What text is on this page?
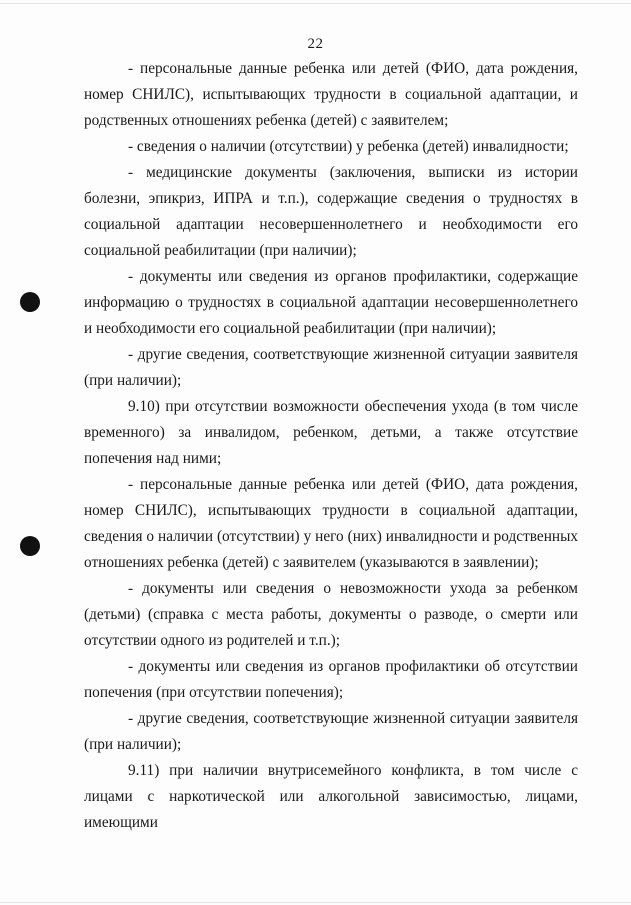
22

- персональные данные ребенка или детей (ФИО, дата рождения, номер СНИЛС), испытывающих трудности в социальной адаптации, и родственных отношениях ребенка (детей) с заявителем;

- сведения о наличии (отсутствии) у ребенка (детей) инвалидности;

- медицинские документы (заключения, выписки из истории болезни, эпикриз, ИПРА и т.п.), содержащие сведения о трудностях в социальной адаптации несовершеннолетнего и необходимости его социальной реабилитации (при наличии);

- документы или сведения из органов профилактики, содержащие информацию о трудностях в социальной адаптации несовершеннолетнего и необходимости его социальной реабилитации (при наличии);

- другие сведения, соответствующие жизненной ситуации заявителя (при наличии);

9.10) при отсутствии возможности обеспечения ухода (в том числе временного) за инвалидом, ребенком, детьми, а также отсутствие попечения над ними;

- персональные данные ребенка или детей (ФИО, дата рождения, номер СНИЛС), испытывающих трудности в социальной адаптации, сведения о наличии (отсутствии) у него (них) инвалидности и родственных отношениях ребенка (детей) с заявителем (указываются в заявлении);

- документы или сведения о невозможности ухода за ребенком (детьми) (справка с места работы, документы о разводе, о смерти или отсутствии одного из родителей и т.п.);

- документы или сведения из органов профилактики об отсутствии попечения (при отсутствии попечения);

- другие сведения, соответствующие жизненной ситуации заявителя (при наличии);

9.11) при наличии внутрисемейного конфликта, в том числе с лицами с наркотической или алкогольной зависимостью, лицами, имеющими
